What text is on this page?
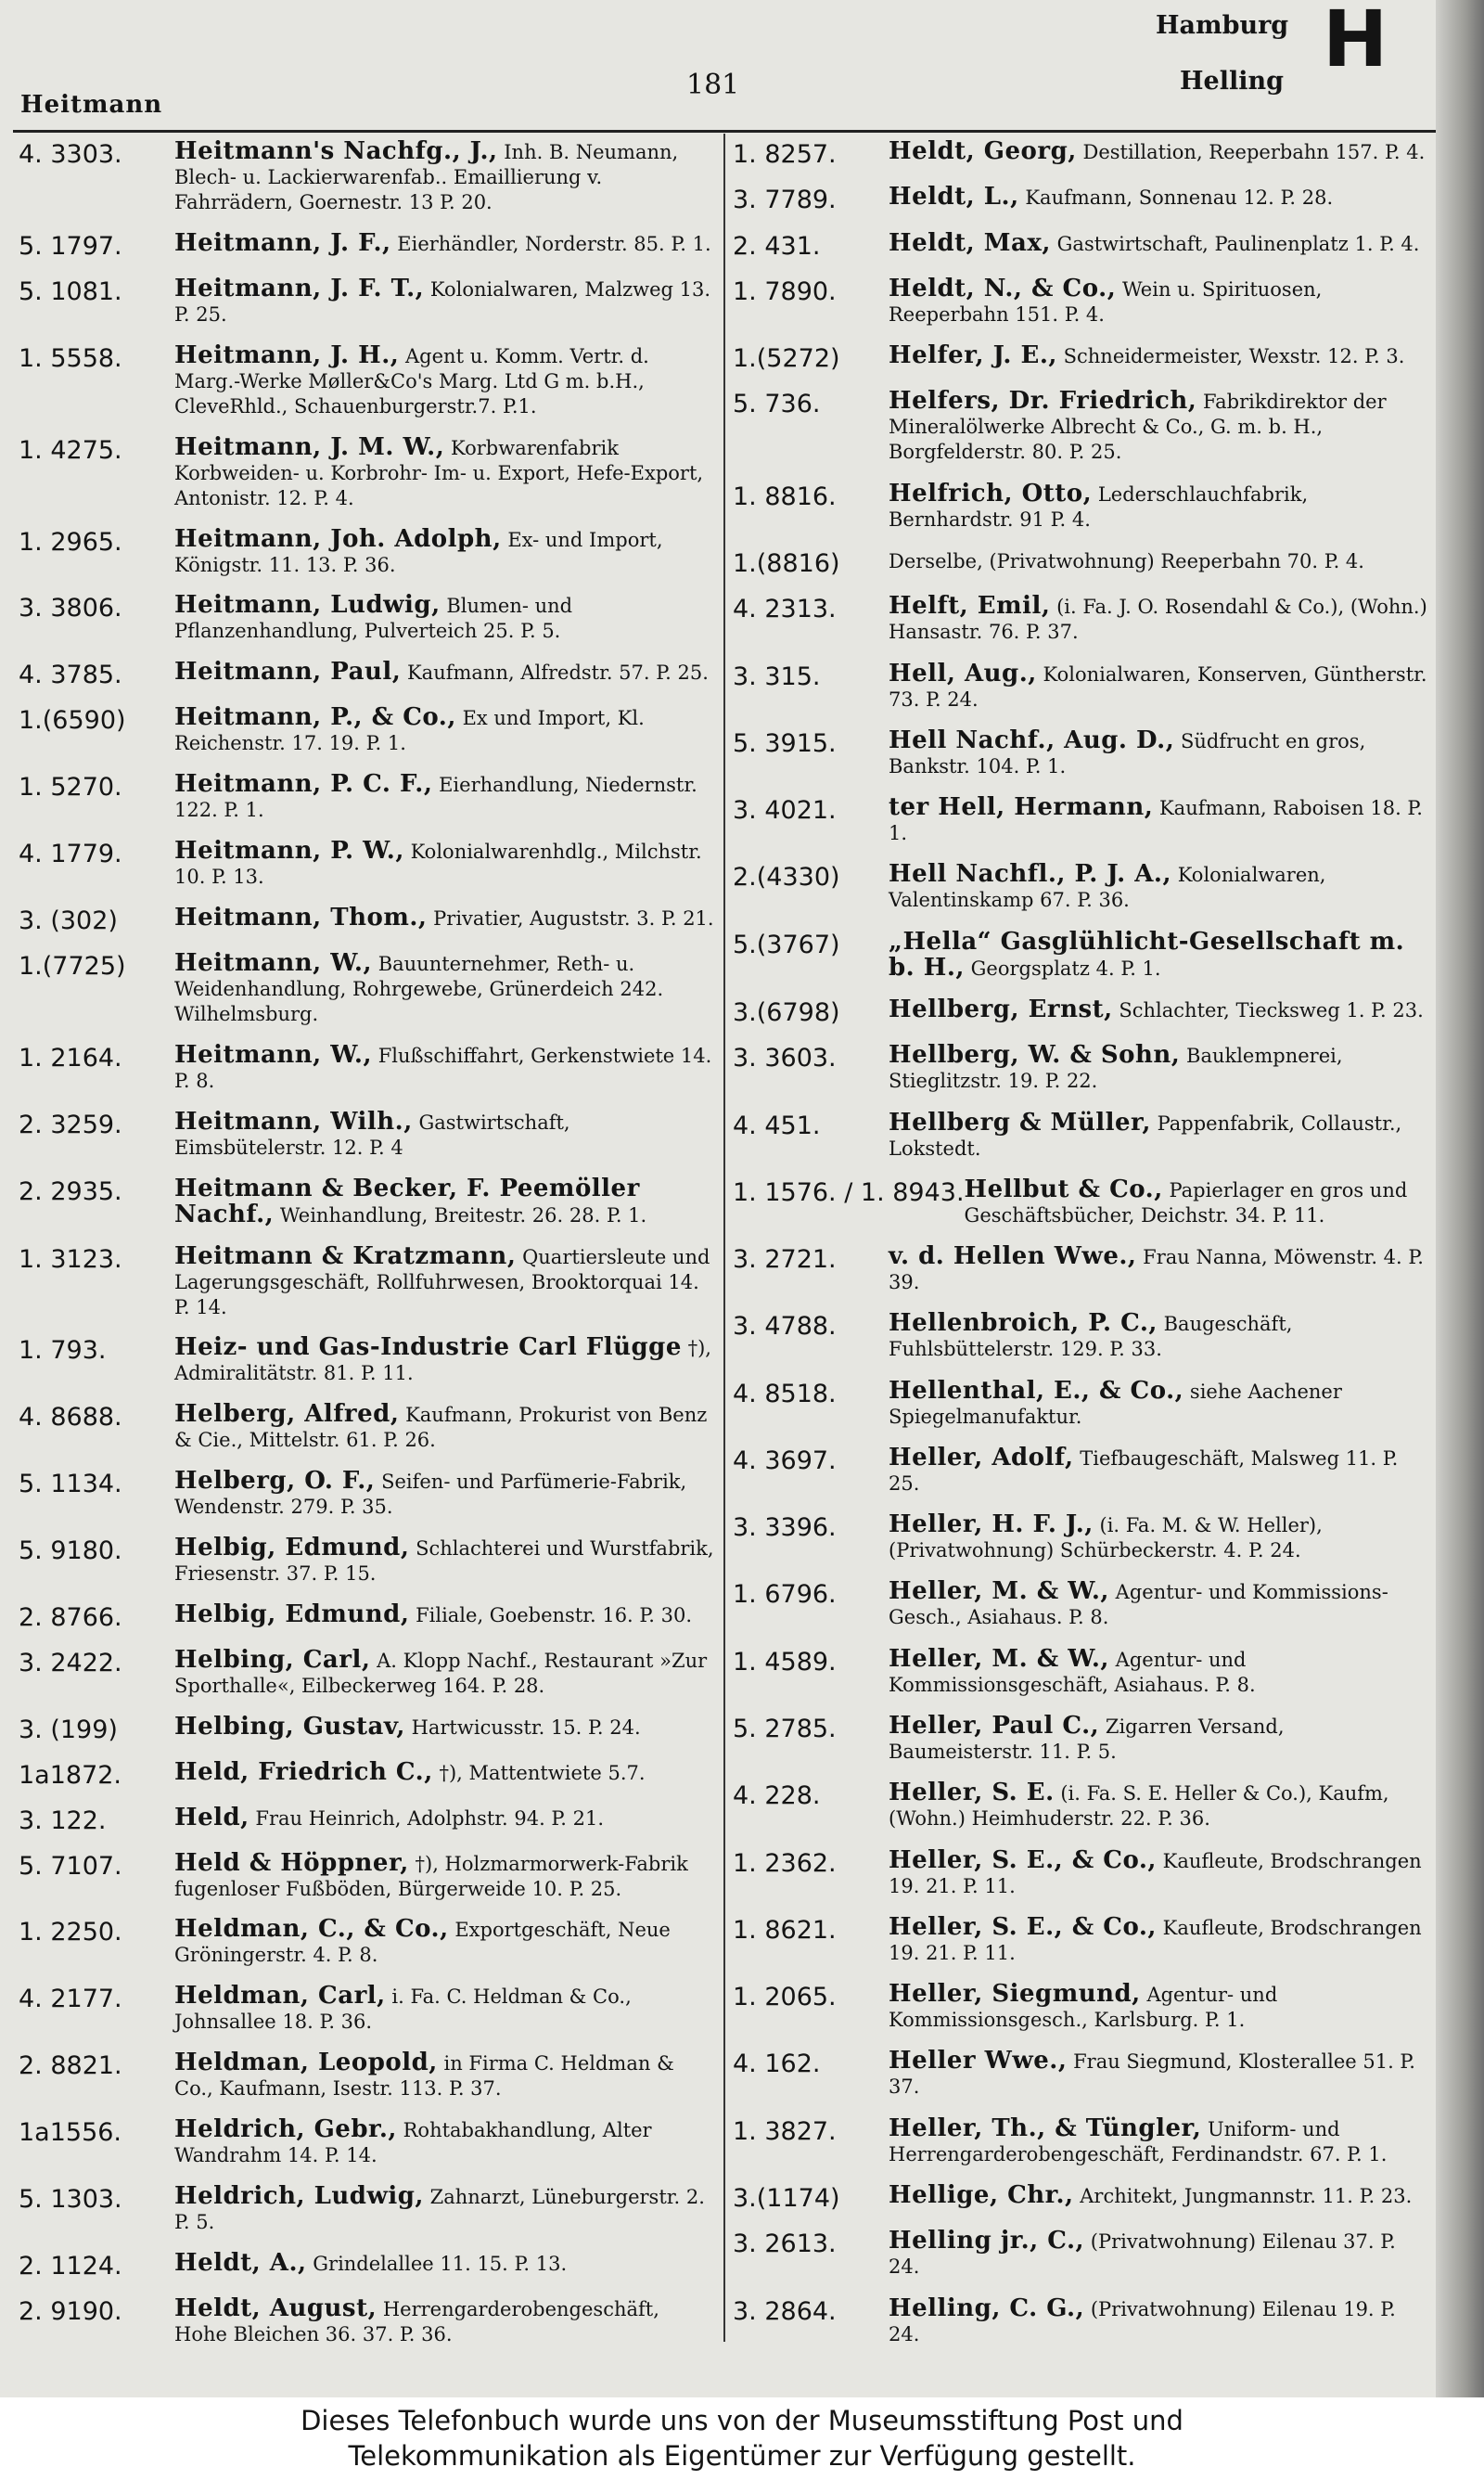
Heitmann
181
Hamburg
Helling H
4. 3303.	Heitmann's Nachfg., J., Inh. B. Neumann, Blech- u. Lackierwarenfab.. Emaillierung v. Fahrrädern, Goernestr. 13 P. 20.
5. 1797.	Heitmann, J. F., Eierhändler, Norderstr. 85. P. 1.
5. 1081.	Heitmann, J. F. T., Kolonialwaren, Malzweg 13. P. 25.
1. 5558.	Heitmann, J. H., Agent u. Komm. Vertr. d. Marg.-Werke Møller&Co's Marg. Ltd G m. b.H., CleveRhld., Schauenburgerstr.7. P.1.
1. 4275.	Heitmann, J. M. W., Korbwarenfabrik Korbweiden- u. Korbrohr- Im- u. Export, Hefe-Export, Antonistr. 12. P. 4.
1. 2965.	Heitmann, Joh. Adolph, Ex- und Import, Königstr. 11. 13. P. 36.
3. 3806.	Heitmann, Ludwig, Blumen- und Pflanzenhandlung, Pulverteich 25. P. 5.
4. 3785.	Heitmann, Paul, Kaufmann, Alfredstr. 57. P. 25.
1.(6590)	Heitmann, P., & Co., Ex und Import, Kl. Reichenstr. 17. 19. P. 1.
1. 5270.	Heitmann, P. C. F., Eierhandlung, Niedernstr. 122. P. 1.
4. 1779.	Heitmann, P. W., Kolonialwarenhdlg., Milchstr. 10. P. 13.
3. (302)	Heitmann, Thom., Privatier, Auguststr. 3. P. 21.
1.(7725)	Heitmann, W., Bauunternehmer, Reth- u. Weidenhandlung, Rohrgewebe, Grünerdeich 242. Wilhelmsburg.
1. 2164.	Heitmann, W., Flußschiffahrt, Gerkenstwiete 14. P. 8.
2. 3259.	Heitmann, Wilh., Gastwirtschaft, Eimsbütelerstr. 12. P. 4
2. 2935.	Heitmann & Becker, F. Peemöller Nachf., Weinhandlung, Breitestr. 26. 28. P. 1.
1. 3123.	Heitmann & Kratzmann, Quartiersleute und Lagerungsgeschäft, Rollfuhrwesen, Brooktorquai 14. P. 14.
1. 793.	Heiz- und Gas-Industrie Carl Flügge †), Admiralitätstr. 81. P. 11.
4. 8688.	Helberg, Alfred, Kaufmann, Prokurist von Benz & Cie., Mittelstr. 61. P. 26.
5. 1134.	Helberg, O. F., Seifen- und Parfümerie-Fabrik, Wendenstr. 279. P. 35.
5. 9180.	Helbig, Edmund, Schlachterei und Wurstfabrik, Friesenstr. 37. P. 15.
2. 8766.	Helbig, Edmund, Filiale, Goebenstr. 16. P. 30.
3. 2422.	Helbing, Carl, A. Klopp Nachf., Restaurant »Zur Sporthalle«, Eilbeckerweg 164. P. 28.
3. (199)	Helbing, Gustav, Hartwicusstr. 15. P. 24.
1a1872.	Held, Friedrich C., †), Mattentwiete 5.7.
3. 122.	Held, Frau Heinrich, Adolphstr. 94. P. 21.
5. 7107.	Held & Höppner, †), Holzmarmorwerk-Fabrik fugenloser Fußböden, Bürgerweide 10. P. 25.
1. 2250.	Heldman, C., & Co., Exportgeschäft, Neue Gröningerstr. 4. P. 8.
4. 2177.	Heldman, Carl, i. Fa. C. Heldman & Co., Johnsallee 18. P. 36.
2. 8821.	Heldman, Leopold, in Firma C. Heldman & Co., Kaufmann, Isestr. 113. P. 37.
1a1556.	Heldrich, Gebr., Rohtabakhandlung, Alter Wandrahm 14. P. 14.
5. 1303.	Heldrich, Ludwig, Zahnarzt, Lüneburgerstr. 2. P. 5.
2. 1124.	Heldt, A., Grindelallee 11. 15. P. 13.
2. 9190.	Heldt, August, Herrengarderobengeschäft, Hohe Bleichen 36. 37. P. 36.
1. 8257.	Heldt, Georg, Destillation, Reeperbahn 157. P. 4.
3. 7789.	Heldt, L., Kaufmann, Sonnenau 12. P. 28.
2. 431.	Heldt, Max, Gastwirtschaft, Paulinenplatz 1. P. 4.
1. 7890.	Heldt, N., & Co., Wein u. Spirituosen, Reeperbahn 151. P. 4.
1.(5272)	Helfer, J. E., Schneidermeister, Wexstr. 12. P. 3.
5. 736.	Helfers, Dr. Friedrich, Fabrikdirektor der Mineralölwerke Albrecht & Co., G. m. b. H., Borgfelderstr. 80. P. 25.
1. 8816.	Helfrich, Otto, Lederschlauchfabrik, Bernhardstr. 91 P. 4.
1.(8816)	Derselbe, (Privatwohnung) Reeperbahn 70. P. 4.
4. 2313.	Helft, Emil, (i. Fa. J. O. Rosendahl & Co.), (Wohn.) Hansastr. 76. P. 37.
3. 315.	Hell, Aug., Kolonialwaren, Konserven, Güntherstr. 73. P. 24.
5. 3915.	Hell Nachf., Aug. D., Südfrucht en gros, Bankstr. 104. P. 1.
3. 4021.	ter Hell, Hermann, Kaufmann, Raboisen 18. P. 1.
2.(4330)	Hell Nachfl., P. J. A., Kolonialwaren, Valentinskamp 67. P. 36.
5.(3767)	„Hella“ Gasglühlicht-Gesellschaft m. b. H., Georgsplatz 4. P. 1.
3.(6798)	Hellberg, Ernst, Schlachter, Tiecksweg 1. P. 23.
3. 3603.	Hellberg, W. & Sohn, Bauklempnerei, Stieglitzstr. 19. P. 22.
4. 451.	Hellberg & Müller, Pappenfabrik, Collaustr., Lokstedt.
1. 1576. / 1. 8943. Hellbut & Co., Papierlager en gros und Geschäftsbücher, Deichstr. 34. P. 11.
3. 2721.	v. d. Hellen Wwe., Frau Nanna, Möwenstr. 4. P. 39.
3. 4788.	Hellenbroich, P. C., Baugeschäft, Fuhlsbüttelerstr. 129. P. 33.
4. 8518.	Hellenthal, E., & Co., siehe Aachener Spiegelmanufaktur.
4. 3697.	Heller, Adolf, Tiefbaugeschäft, Malsweg 11. P. 25.
3. 3396.	Heller, H. F. J., (i. Fa. M. & W. Heller), (Privatwohnung) Schürbeckerstr. 4. P. 24.
1. 6796.	Heller, M. & W., Agentur- und Kommissions-Gesch., Asiahaus. P. 8.
1. 4589.	Heller, M. & W., Agentur- und Kommissionsgeschäft, Asiahaus. P. 8.
5. 2785.	Heller, Paul C., Zigarren Versand, Baumeisterstr. 11. P. 5.
4. 228.	Heller, S. E. (i. Fa. S. E. Heller & Co.), Kaufm, (Wohn.) Heimhuderstr. 22. P. 36.
1. 2362.	Heller, S. E., & Co., Kaufleute, Brodschrangen 19. 21. P. 11.
1. 8621.	Heller, S. E., & Co., Kaufleute, Brodschrangen 19. 21. P. 11.
1. 2065.	Heller, Siegmund, Agentur- und Kommissionsgesch., Karlsburg. P. 1.
4. 162.	Heller Wwe., Frau Siegmund, Klosterallee 51. P. 37.
1. 3827.	Heller, Th., & Tüngler, Uniform- und Herrengarderobengeschäft, Ferdinandstr. 67. P. 1.
3.(1174)	Hellige, Chr., Architekt, Jungmannstr. 11. P. 23.
3. 2613.	Helling jr., C., (Privatwohnung) Eilenau 37. P. 24.
3. 2864.	Helling, C. G., (Privatwohnung) Eilenau 19. P. 24.
Dieses Telefonbuch wurde uns von der Museumsstiftung Post und
Telekommunikation als Eigentümer zur Verfügung gestellt.
